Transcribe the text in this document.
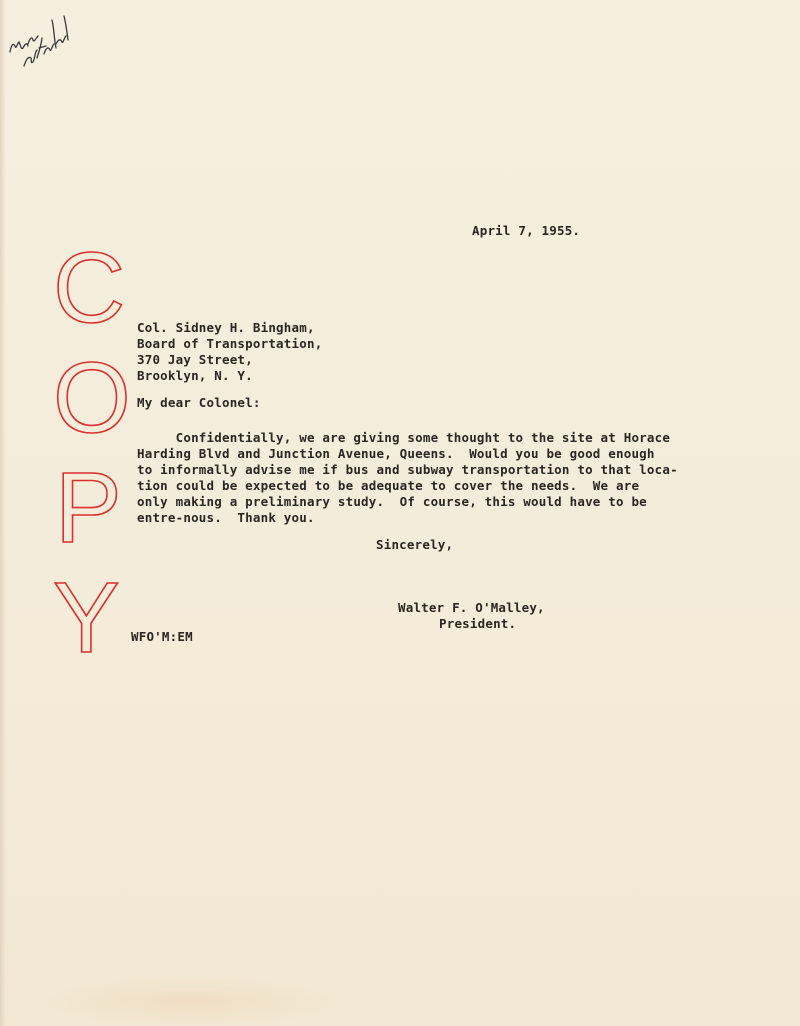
C
O
P
Y
April 7, 1955.
Col. Sidney H. Bingham,
Board of Transportation,
370 Jay Street,
Brooklyn, N. Y.
My dear Colonel:
Confidentially, we are giving some thought to the site at Horace
Harding Blvd and Junction Avenue, Queens.  Would you be good enough
to informally advise me if bus and subway transportation to that loca-
tion could be expected to be adequate to cover the needs.  We are
only making a preliminary study.  Of course, this would have to be
entre-nous.  Thank you.
Sincerely,
Walter F. O'Malley,
President.
WFO'M:EM
